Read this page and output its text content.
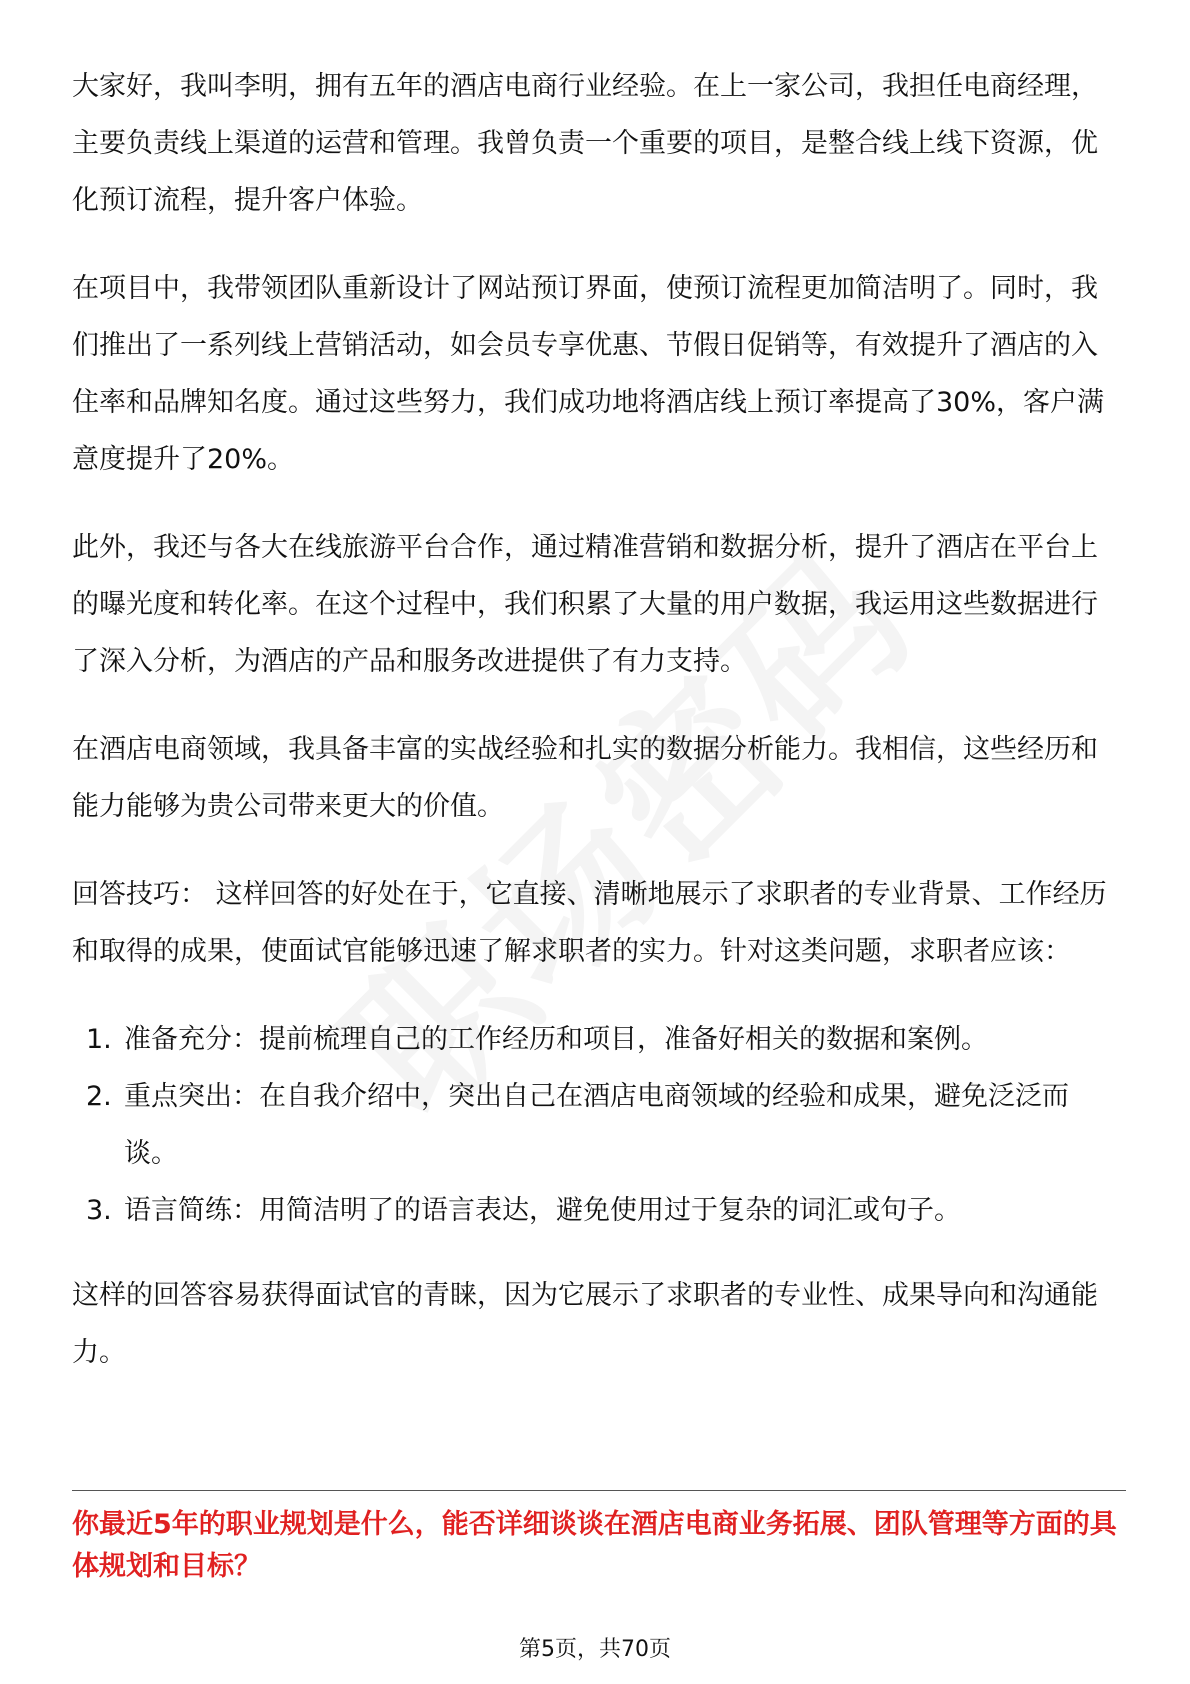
大家好，我叫李明，拥有五年的酒店电商行业经验。在上一家公司，我担任电商经理，主要负责线上渠道的运营和管理。我曾负责一个重要的项目，是整合线上线下资源，优化预订流程，提升客户体验。

在项目中，我带领团队重新设计了网站预订界面，使预订流程更加简洁明了。同时，我们推出了一系列线上营销活动，如会员专享优惠、节假日促销等，有效提升了酒店的入住率和品牌知名度。通过这些努力，我们成功地将酒店线上预订率提高了30%，客户满意度提升了20%。

此外，我还与各大在线旅游平台合作，通过精准营销和数据分析，提升了酒店在平台上的曝光度和转化率。在这个过程中，我们积累了大量的用户数据，我运用这些数据进行了深入分析，为酒店的产品和服务改进提供了有力支持。

在酒店电商领域，我具备丰富的实战经验和扎实的数据分析能力。我相信，这些经历和能力能够为贵公司带来更大的价值。

回答技巧： 这样回答的好处在于，它直接、清晰地展示了求职者的专业背景、工作经历和取得的成果，使面试官能够迅速了解求职者的实力。针对这类问题，求职者应该：

1. 准备充分：提前梳理自己的工作经历和项目，准备好相关的数据和案例。
2. 重点突出：在自我介绍中，突出自己在酒店电商领域的经验和成果，避免泛泛而谈。
3. 语言简练：用简洁明了的语言表达，避免使用过于复杂的词汇或句子。

这样的回答容易获得面试官的青睐，因为它展示了求职者的专业性、成果导向和沟通能力。

你最近5年的职业规划是什么，能否详细谈谈在酒店电商业务拓展、团队管理等方面的具体规划和目标？

第5页，共70页
